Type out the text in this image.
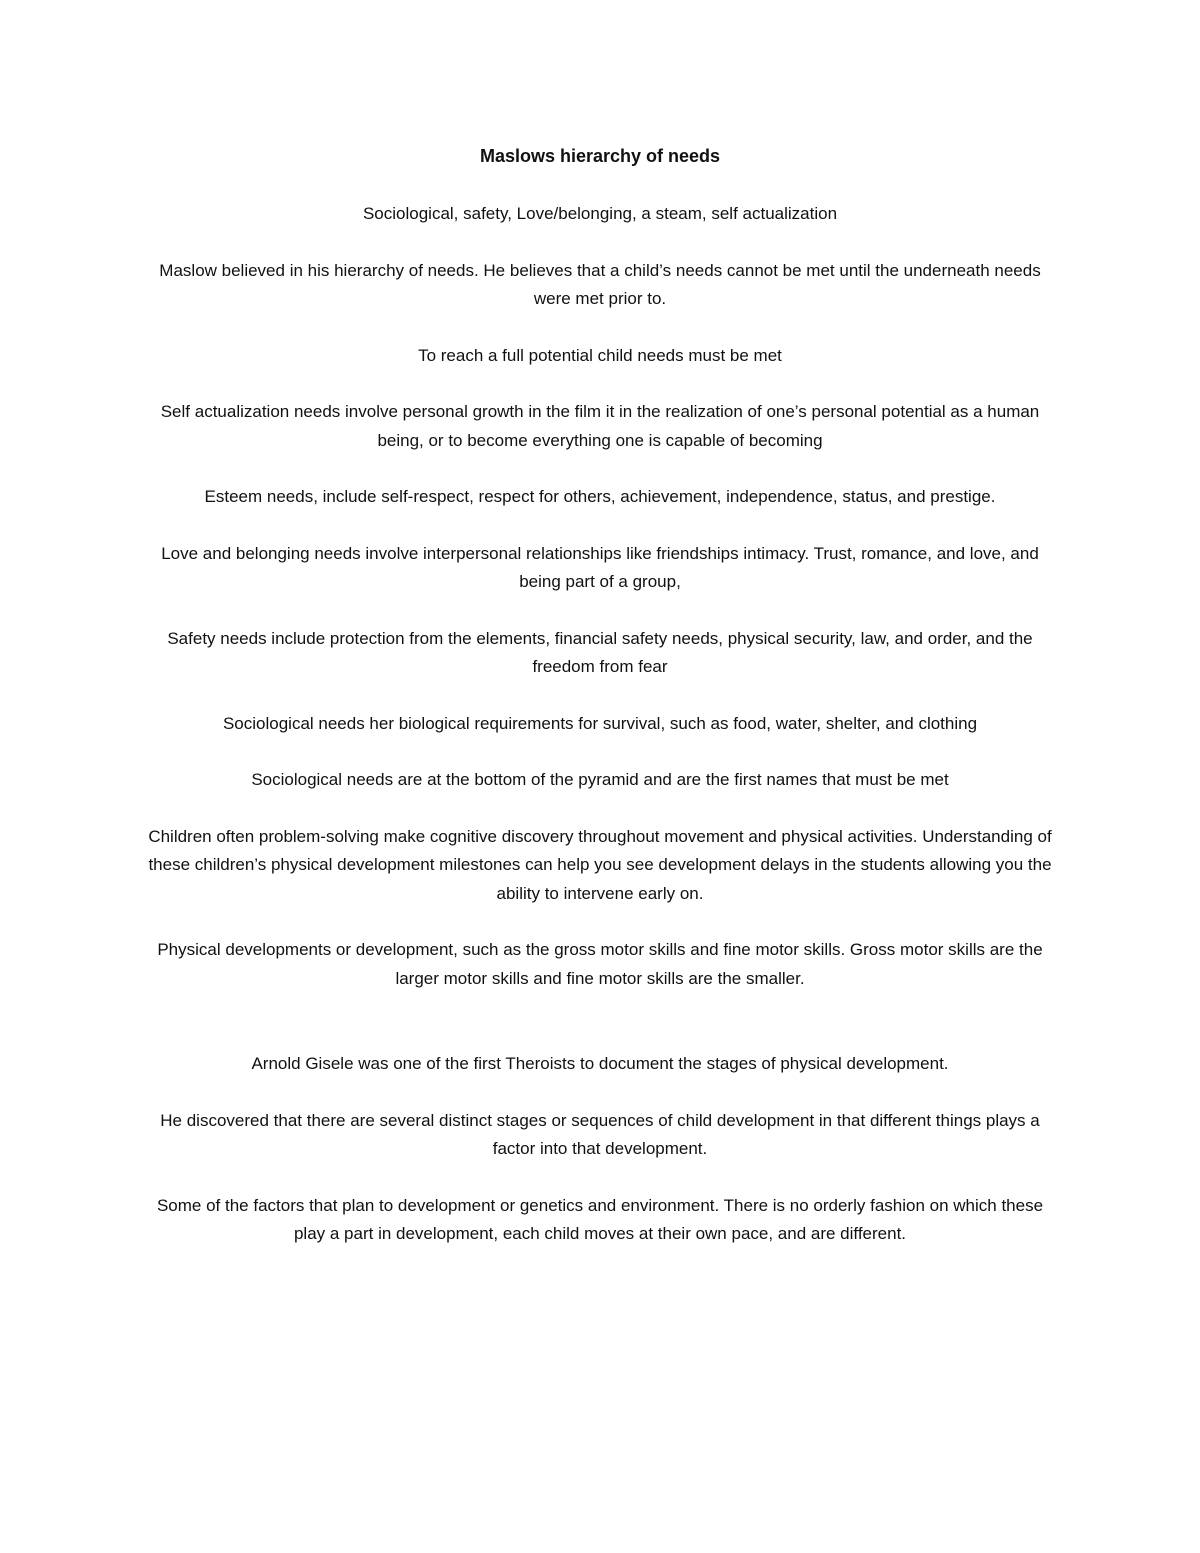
Maslows hierarchy of needs

Sociological, safety, Love/belonging, a steam, self actualization

Maslow believed in his hierarchy of needs. He believes that a child’s needs cannot be met until the underneath needs were met prior to.

To reach a full potential child needs must be met

Self actualization needs involve personal growth in the film it in the realization of one’s personal potential as a human being, or to become everything one is capable of becoming

Esteem needs, include self-respect, respect for others, achievement, independence, status, and prestige.

Love and belonging needs involve interpersonal relationships like friendships intimacy. Trust, romance, and love, and being part of a group,

Safety needs include protection from the elements, financial safety needs, physical security, law, and order, and the freedom from fear

Sociological needs her biological requirements for survival, such as food, water, shelter, and clothing

Sociological needs are at the bottom of the pyramid and are the first names that must be met

Children often problem-solving make cognitive discovery throughout movement and physical activities. Understanding of these children’s physical development milestones can help you see development delays in the students allowing you the ability to intervene early on.

Physical developments or development, such as the gross motor skills and fine motor skills. Gross motor skills are the larger motor skills and fine motor skills are the smaller.

Arnold Gisele was one of the first Theroists to document the stages of physical development.

He discovered that there are several distinct stages or sequences of child development in that different things plays a factor into that development.

Some of the factors that plan to development or genetics and environment. There is no orderly fashion on which these play a part in development, each child moves at their own pace, and are different.
